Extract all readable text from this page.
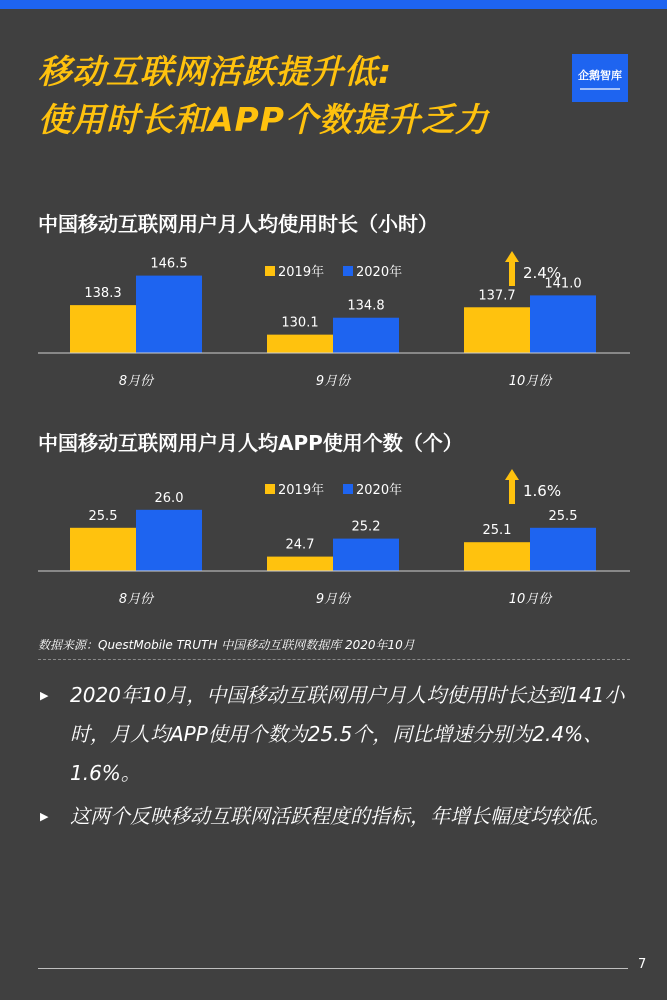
移动互联网活跃提升低:
使用时长和APP个数提升乏力
企鹅智库
中国移动互联网用户月人均使用时长（小时）
2019年 2020年
138.3
146.5
8月份
130.1
134.8
9月份
137.7
141.0
10月份
2.4%
中国移动互联网用户月人均APP使用个数（个）
2019年 2020年
25.5
26.0
8月份
24.7
25.2
9月份
25.1
25.5
10月份
1.6%
数据来源：QuestMobile TRUTH 中国移动互联网数据库 2020年10月
▶ 2020年10月，中国移动互联网用户月人均使用时长达到141小时，月人均APP使用个数为25.5个，同比增速分别为2.4%、1.6%。
▶ 这两个反映移动互联网活跃程度的指标，年增长幅度均较低。
7
